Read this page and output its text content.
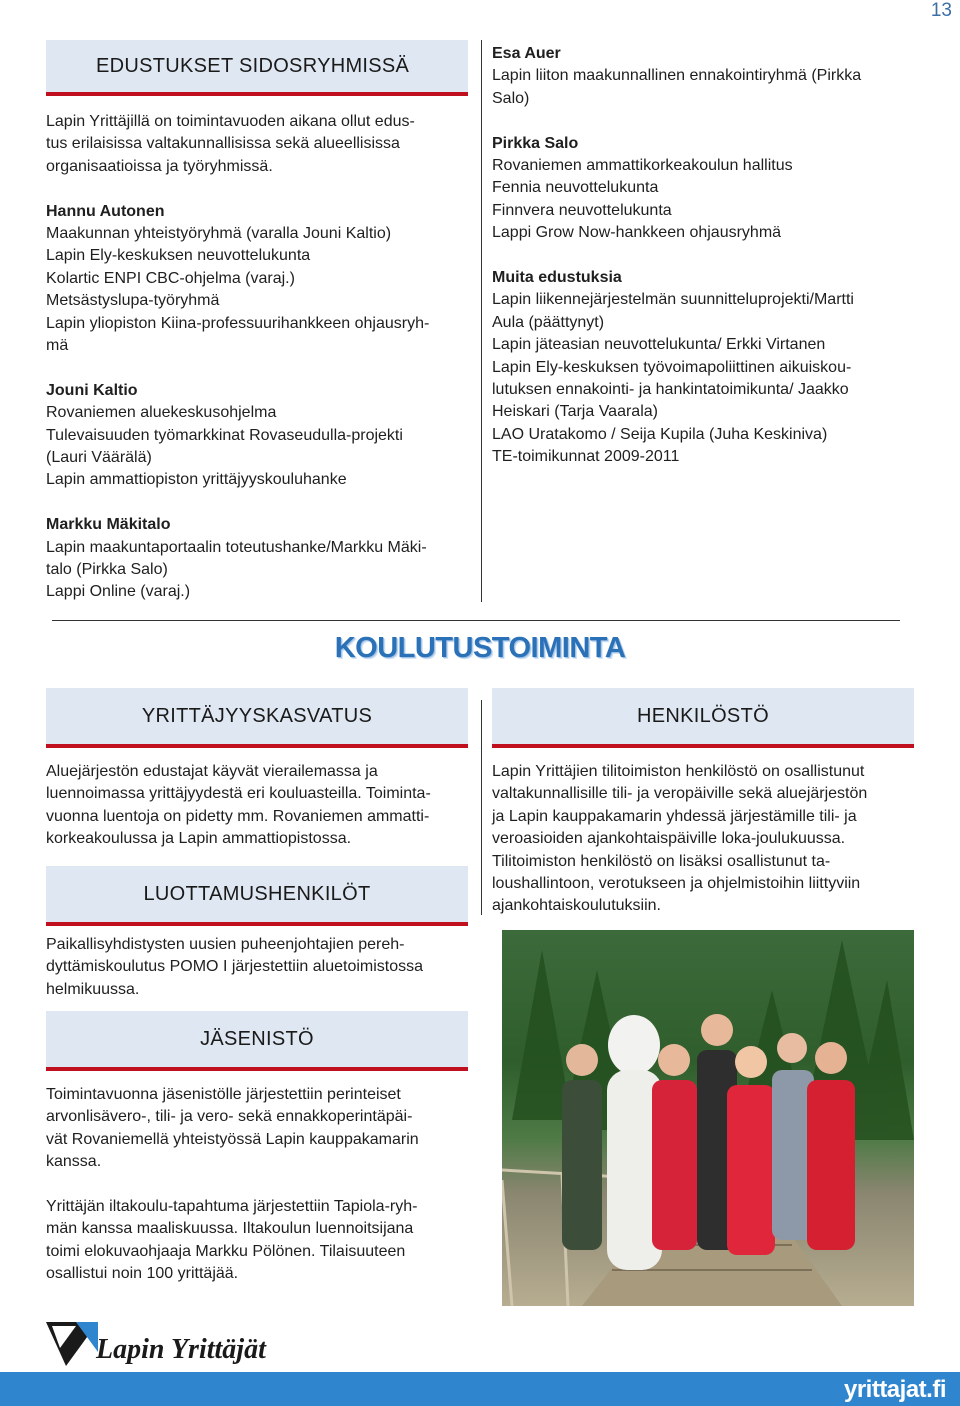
13
EDUSTUKSET SIDOSRYHMISSÄ

Lapin Yrittäjillä on toimintavuoden aikana ollut edus-

tus erilaisissa valtakunnallisissa sekä alueellisissa

organisaatioissa ja työryhmissä.

Hannu Autonen

Maakunnan yhteistyöryhmä (varalla Jouni Kaltio)

Lapin Ely-keskuksen neuvottelukunta

Kolartic ENPI CBC-ohjelma (varaj.)

Metsästyslupa-työryhmä

Lapin yliopiston Kiina-professuurihankkeen ohjausryh-

mä

Jouni Kaltio

Rovaniemen aluekeskusohjelma

Tulevaisuuden työmarkkinat Rovaseudulla-projekti

(Lauri Väärälä)

Lapin ammattiopiston yrittäjyyskouluhanke

Markku Mäkitalo

Lapin maakuntaportaalin toteutushanke/Markku Mäki-

talo (Pirkka Salo)

Lappi Online (varaj.)

Esa Auer

Lapin liiton maakunnallinen ennakointiryhmä (Pirkka

Salo)

Pirkka Salo

Rovaniemen ammattikorkeakoulun hallitus

Fennia neuvottelukunta

Finnvera neuvottelukunta

Lappi Grow Now-hankkeen ohjausryhmä

Muita edustuksia

Lapin liikennejärjestelmän suunnitteluprojekti/Martti

Aula (päättynyt)

Lapin jäteasian neuvottelukunta/ Erkki Virtanen

Lapin Ely-keskuksen työvoimapoliittinen aikuiskou-

lutuksen ennakointi- ja hankintatoimikunta/ Jaakko

Heiskari (Tarja Vaarala)

LAO Uratakomo / Seija Kupila (Juha Keskiniva)

TE-toimikunnat 2009-2011

KOULUTUSTOIMINTA
YRITTÄJYYSKASVATUS

Aluejärjestön edustajat käyvät vierailemassa ja

luennoimassa yrittäjyydestä eri kouluasteilla. Toiminta-

vuonna luentoja on pidetty mm. Rovaniemen ammatti-

korkeakoulussa ja Lapin ammattiopistossa.

LUOTTAMUSHENKILÖT

Paikallisyhdistysten uusien puheenjohtajien pereh-

dyttämiskoulutus POMO I järjestettiin aluetoimistossa

helmikuussa.

JÄSENISTÖ

Toimintavuonna jäsenistölle järjestettiin perinteiset

arvonlisävero-, tili- ja vero- sekä ennakkoperintäpäi-

vät Rovaniemellä yhteistyössä Lapin kauppakamarin

kanssa.

Yrittäjän iltakoulu-tapahtuma järjestettiin Tapiola-ryh-

män kanssa maaliskuussa. Iltakoulun luennoitsijana

toimi elokuvaohjaaja Markku Pölönen. Tilaisuuteen

osallistui noin 100 yrittäjää.

HENKILÖSTÖ

Lapin Yrittäjien tilitoimiston henkilöstö on osallistunut

valtakunnallisille tili- ja veropäiville sekä aluejärjestön

ja Lapin kauppakamarin yhdessä järjestämille tili- ja

veroasioiden ajankohtaispäiville loka-joulukuussa.

Tilitoimiston henkilöstö on lisäksi osallistunut ta-

loushallintoon, verotukseen ja ohjelmistoihin liittyviin

ajankohtaiskoulutuksiin.

Lapin Yrittäjät
yrittajat.fi
